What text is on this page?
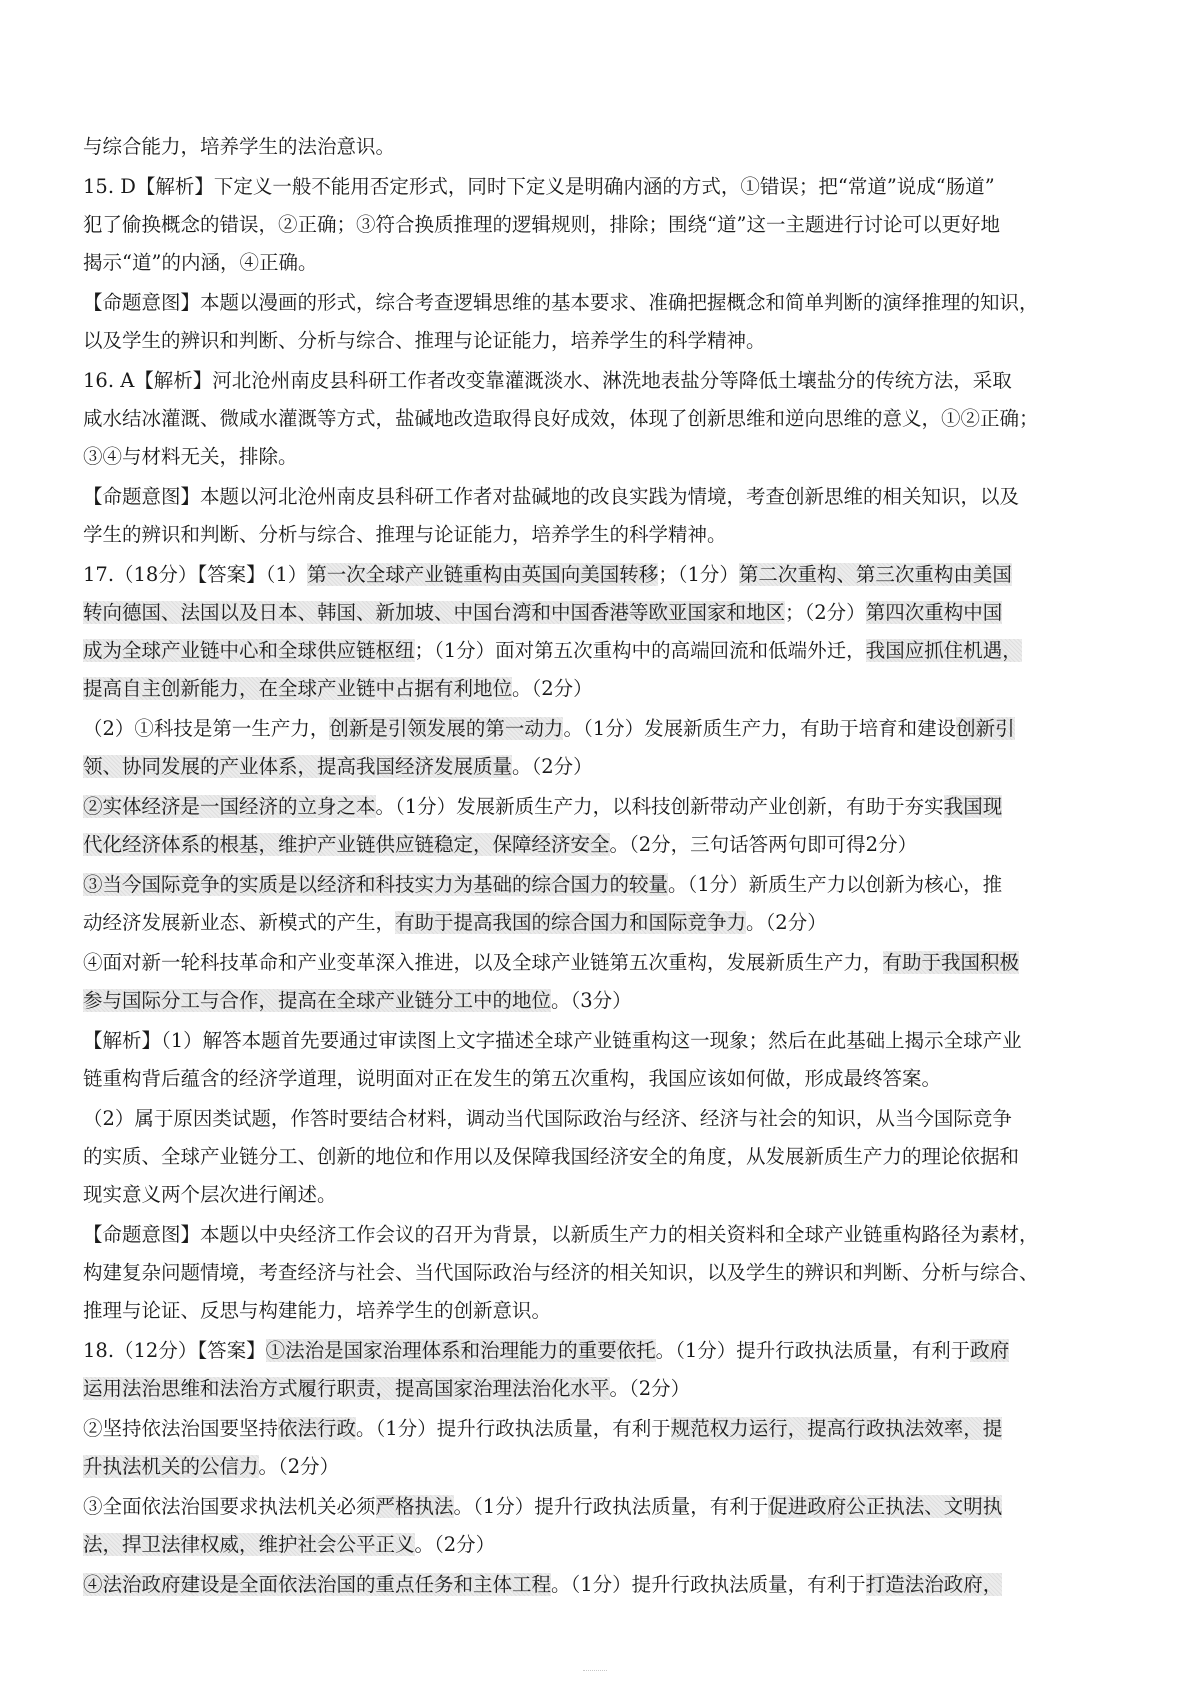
与综合能力，培养学生的法治意识。
15. D【解析】下定义一般不能用否定形式，同时下定义是明确内涵的方式，①错误；把“常道”说成“肠道”
犯了偷换概念的错误，②正确；③符合换质推理的逻辑规则，排除；围绕“道”这一主题进行讨论可以更好地
揭示“道”的内涵，④正确。
【命题意图】本题以漫画的形式，综合考查逻辑思维的基本要求、准确把握概念和简单判断的演绎推理的知识，
以及学生的辨识和判断、分析与综合、推理与论证能力，培养学生的科学精神。
16. A【解析】河北沧州南皮县科研工作者改变靠灌溉淡水、淋洗地表盐分等降低土壤盐分的传统方法，采取
咸水结冰灌溉、微咸水灌溉等方式，盐碱地改造取得良好成效，体现了创新思维和逆向思维的意义，①②正确；
③④与材料无关，排除。
【命题意图】本题以河北沧州南皮县科研工作者对盐碱地的改良实践为情境，考查创新思维的相关知识，以及
学生的辨识和判断、分析与综合、推理与论证能力，培养学生的科学精神。
17.（18分）【答案】（1）第一次全球产业链重构由英国向美国转移；（1分）第二次重构、第三次重构由美国
转向德国、法国以及日本、韩国、新加坡、中国台湾和中国香港等欧亚国家和地区；（2分）第四次重构中国
成为全球产业链中心和全球供应链枢纽；（1分）面对第五次重构中的高端回流和低端外迁，我国应抓住机遇，
提高自主创新能力，在全球产业链中占据有利地位。（2分）
（2）①科技是第一生产力，创新是引领发展的第一动力。（1分）发展新质生产力，有助于培育和建设创新引
领、协同发展的产业体系，提高我国经济发展质量。（2分）
②实体经济是一国经济的立身之本。（1分）发展新质生产力，以科技创新带动产业创新，有助于夯实我国现
代化经济体系的根基，维护产业链供应链稳定，保障经济安全。（2分，三句话答两句即可得2分）
③当今国际竞争的实质是以经济和科技实力为基础的综合国力的较量。（1分）新质生产力以创新为核心，推
动经济发展新业态、新模式的产生，有助于提高我国的综合国力和国际竞争力。（2分）
④面对新一轮科技革命和产业变革深入推进，以及全球产业链第五次重构，发展新质生产力，有助于我国积极
参与国际分工与合作，提高在全球产业链分工中的地位。（3分）
【解析】（1）解答本题首先要通过审读图上文字描述全球产业链重构这一现象；然后在此基础上揭示全球产业
链重构背后蕴含的经济学道理，说明面对正在发生的第五次重构，我国应该如何做，形成最终答案。
（2）属于原因类试题，作答时要结合材料，调动当代国际政治与经济、经济与社会的知识，从当今国际竞争
的实质、全球产业链分工、创新的地位和作用以及保障我国经济安全的角度，从发展新质生产力的理论依据和
现实意义两个层次进行阐述。
【命题意图】本题以中央经济工作会议的召开为背景，以新质生产力的相关资料和全球产业链重构路径为素材，
构建复杂问题情境，考查经济与社会、当代国际政治与经济的相关知识，以及学生的辨识和判断、分析与综合、
推理与论证、反思与构建能力，培养学生的创新意识。
18.（12分）【答案】①法治是国家治理体系和治理能力的重要依托。（1分）提升行政执法质量，有利于政府
运用法治思维和法治方式履行职责，提高国家治理法治化水平。（2分）
②坚持依法治国要坚持依法行政。（1分）提升行政执法质量，有利于规范权力运行，提高行政执法效率，提
升执法机关的公信力。（2分）
③全面依法治国要求执法机关必须严格执法。（1分）提升行政执法质量，有利于促进政府公正执法、文明执
法，捍卫法律权威，维护社会公平正义。（2分）
④法治政府建设是全面依法治国的重点任务和主体工程。（1分）提升行政执法质量，有利于打造法治政府，
